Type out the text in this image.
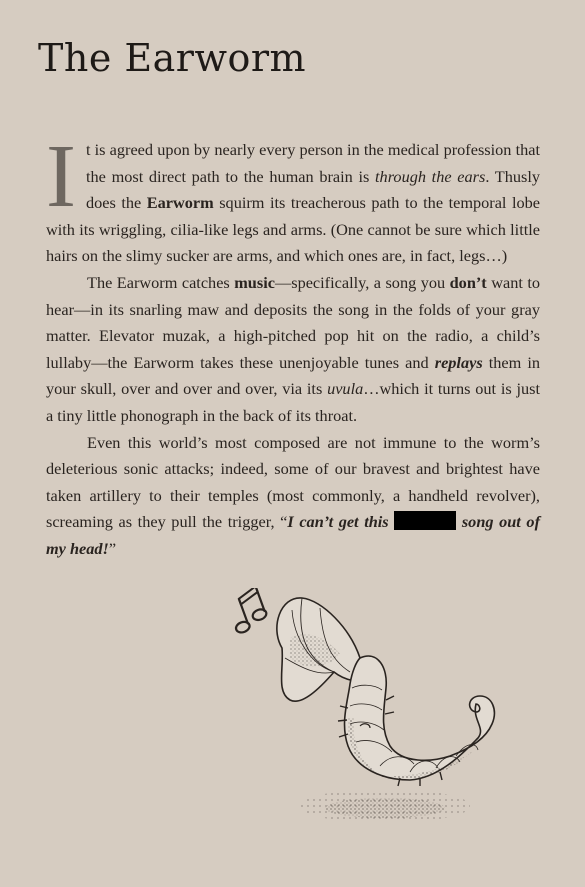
The Earworm

It is agreed upon by nearly every person in the medical profession that the most direct path to the human brain is through the ears. Thusly does the Earworm squirm its treacherous path to the temporal lobe with its wriggling, cilia-like legs and arms. (One cannot be sure which little hairs on the slimy sucker are arms, and which ones are, in fact, legs…)

The Earworm catches music—specifically, a song you don’t want to hear—in its snarling maw and deposits the song in the folds of your gray matter. Elevator muzak, a high-pitched pop hit on the radio, a child’s lullaby—the Earworm takes these unenjoyable tunes and replays them in your skull, over and over and over, via its uvula…which it turns out is just a tiny little phonograph in the back of its throat.

Even this world’s most composed are not immune to the worm’s deleterious sonic attacks; indeed, some of our bravest and brightest have taken artillery to their temples (most commonly, a handheld revolver), screaming as they pull the trigger, “I can’t get this	song out of my head!”
